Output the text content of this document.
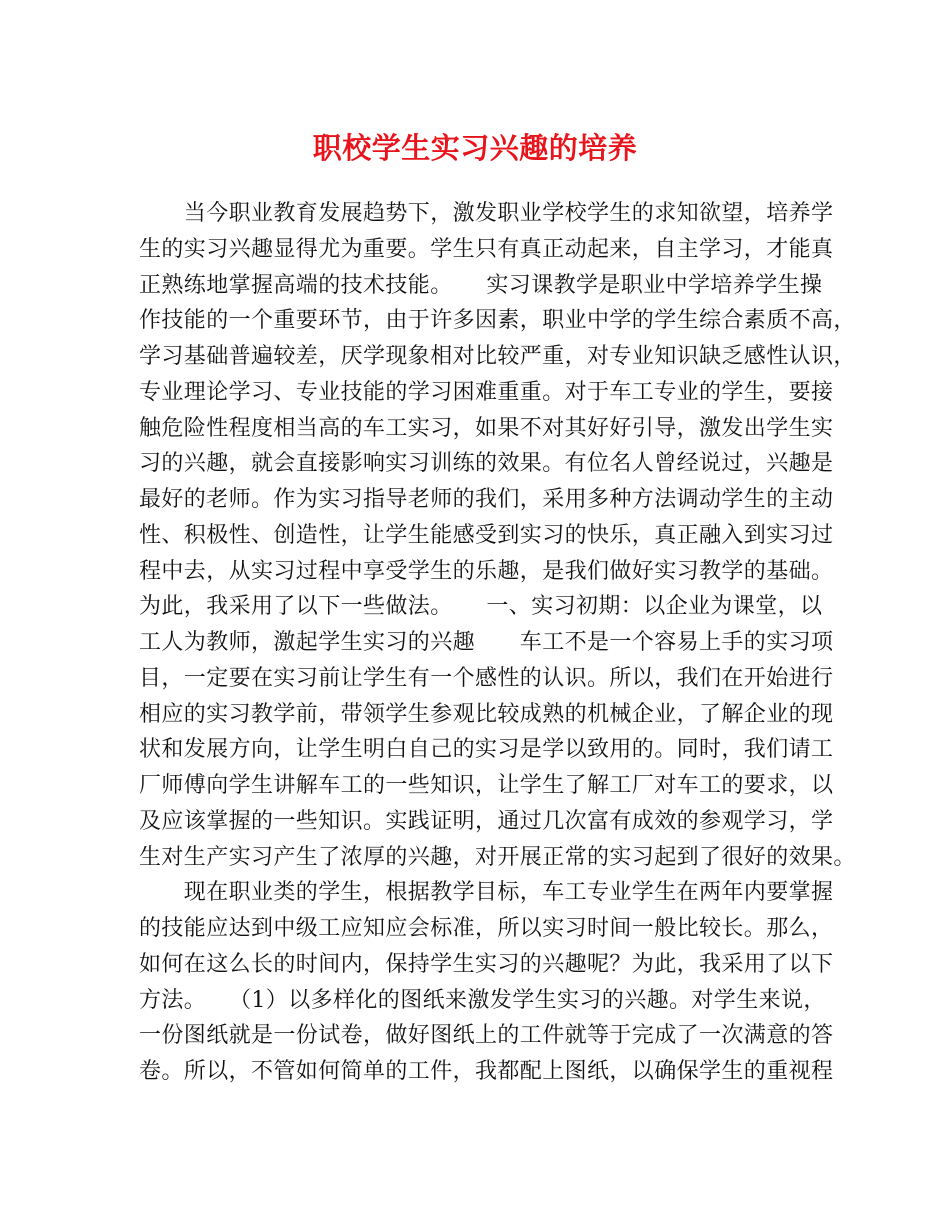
职校学生实习兴趣的培养
　　当今职业教育发展趋势下，激发职业学校学生的求知欲望，培养学
生的实习兴趣显得尤为重要。学生只有真正动起来，自主学习，才能真
正熟练地掌握高端的技术技能。　　实习课教学是职业中学培养学生操
作技能的一个重要环节，由于许多因素，职业中学的学生综合素质不高，
学习基础普遍较差，厌学现象相对比较严重，对专业知识缺乏感性认识，
专业理论学习、专业技能的学习困难重重。对于车工专业的学生，要接
触危险性程度相当高的车工实习，如果不对其好好引导，激发出学生实
习的兴趣，就会直接影响实习训练的效果。有位名人曾经说过，兴趣是
最好的老师。作为实习指导老师的我们，采用多种方法调动学生的主动
性、积极性、创造性，让学生能感受到实习的快乐，真正融入到实习过
程中去，从实习过程中享受学生的乐趣，是我们做好实习教学的基础。
为此，我采用了以下一些做法。　　一、实习初期：以企业为课堂，以
工人为教师，激起学生实习的兴趣　　车工不是一个容易上手的实习项
目，一定要在实习前让学生有一个感性的认识。所以，我们在开始进行
相应的实习教学前，带领学生参观比较成熟的机械企业，了解企业的现
状和发展方向，让学生明白自己的实习是学以致用的。同时，我们请工
厂师傅向学生讲解车工的一些知识，让学生了解工厂对车工的要求，以
及应该掌握的一些知识。实践证明，通过几次富有成效的参观学习，学
生对生产实习产生了浓厚的兴趣，对开展正常的实习起到了很好的效果。
　　现在职业类的学生，根据教学目标，车工专业学生在两年内要掌握
的技能应达到中级工应知应会标准，所以实习时间一般比较长。那么，
如何在这么长的时间内，保持学生实习的兴趣呢？为此，我采用了以下
方法。　　（1）以多样化的图纸来激发学生实习的兴趣。对学生来说，
一份图纸就是一份试卷，做好图纸上的工件就等于完成了一次满意的答
卷。所以，不管如何简单的工件，我都配上图纸，以确保学生的重视程
